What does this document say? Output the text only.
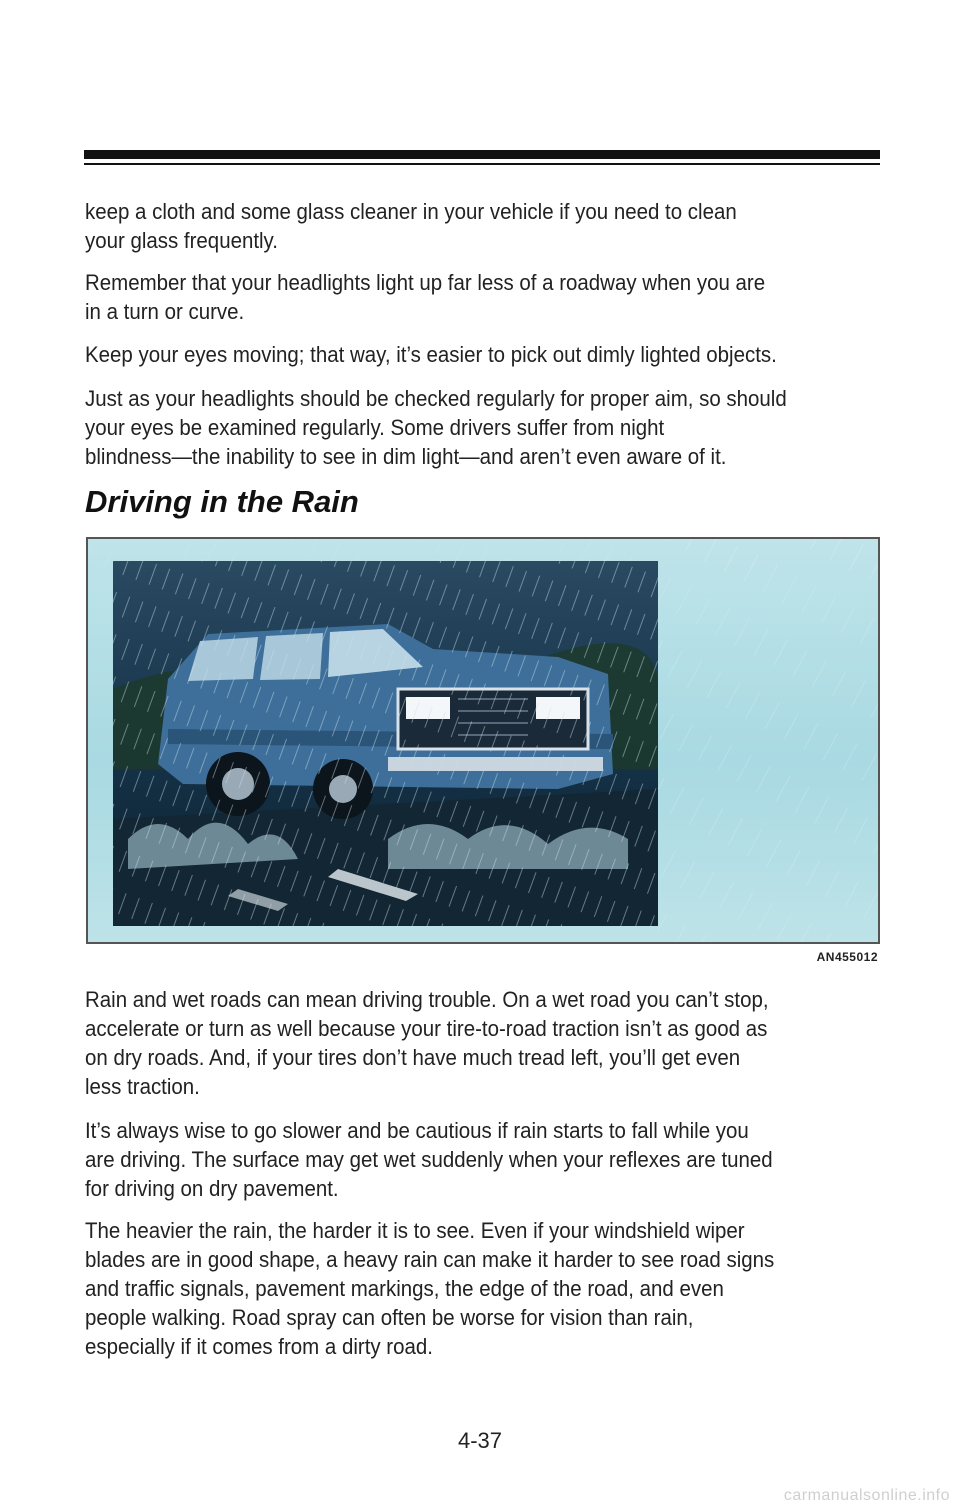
keep a cloth and some glass cleaner in your vehicle if you need to clean
your glass frequently.

Remember that your headlights light up far less of a roadway when you are
in a turn or curve.

Keep your eyes moving; that way, it’s easier to pick out dimly lighted objects.

Just as your headlights should be checked regularly for proper aim, so should
your eyes be examined regularly. Some drivers suffer from night
blindness—the inability to see in dim light—and aren’t even aware of it.

Driving in the Rain
AN455012

Rain and wet roads can mean driving trouble. On a wet road you can’t stop,
accelerate or turn as well because your tire-to-road traction isn’t as good as
on dry roads. And, if your tires don’t have much tread left, you’ll get even
less traction.

It’s always wise to go slower and be cautious if rain starts to fall while you
are driving. The surface may get wet suddenly when your reflexes are tuned
for driving on dry pavement.

The heavier the rain, the harder it is to see. Even if your windshield wiper
blades are in good shape, a heavy rain can make it harder to see road signs
and traffic signals, pavement markings, the edge of the road, and even
people walking. Road spray can often be worse for vision than rain,
especially if it comes from a dirty road.

4-37
carmanualsonline.info
